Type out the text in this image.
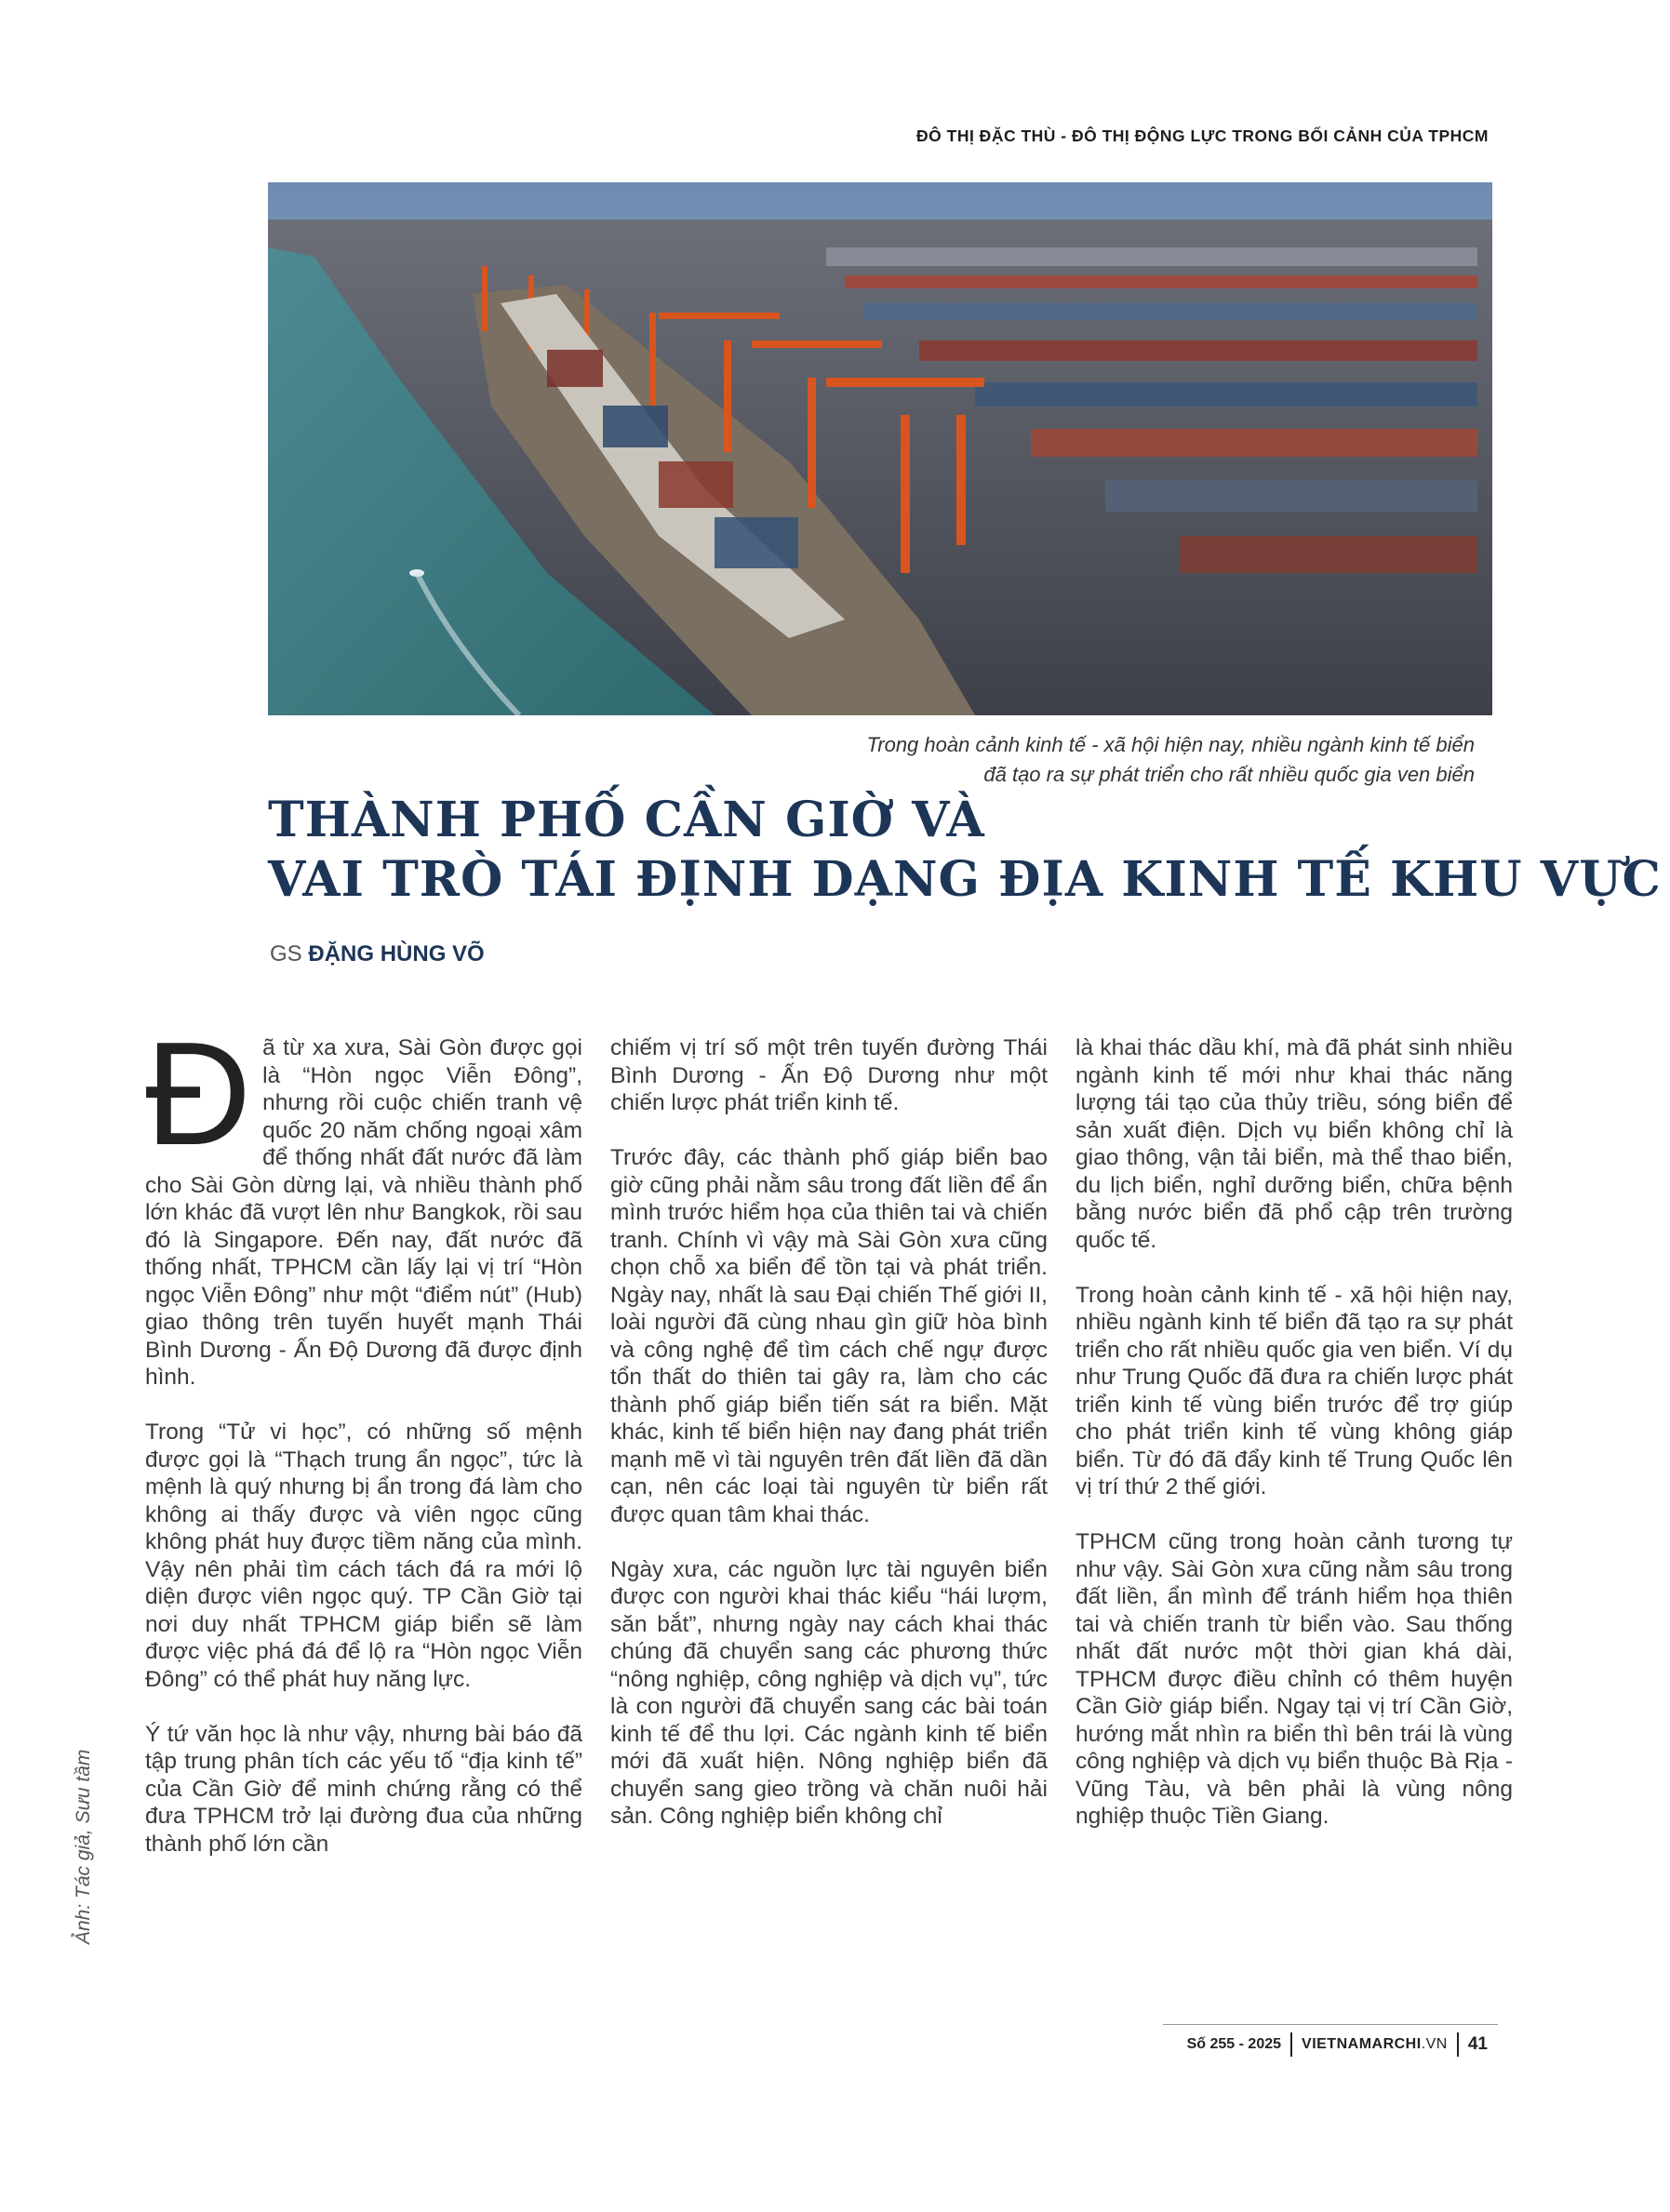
ĐÔ THỊ ĐẶC THÙ - ĐÔ THỊ ĐỘNG LỰC TRONG BỐI CẢNH CỦA TPHCM
Trong hoàn cảnh kinh tế - xã hội hiện nay, nhiều ngành kinh tế biển
đã tạo ra sự phát triển cho rất nhiều quốc gia ven biển
THÀNH PHỐ CẦN GIỜ VÀ
VAI TRÒ TÁI ĐỊNH DẠNG ĐỊA KINH TẾ KHU VỰC
GS ĐẶNG HÙNG VÕ

Đã từ xa xưa, Sài Gòn được gọi là “Hòn ngọc Viễn Đông”, nhưng rồi cuộc chiến tranh vệ quốc 20 năm chống ngoại xâm để thống nhất đất nước đã làm cho Sài Gòn dừng lại, và nhiều thành phố lớn khác đã vượt lên như Bangkok, rồi sau đó là Singapore. Đến nay, đất nước đã thống nhất, TPHCM cần lấy lại vị trí “Hòn ngọc Viễn Đông” như một “điểm nút” (Hub) giao thông trên tuyến huyết mạnh Thái Bình Dương - Ấn Độ Dương đã được định hình.

Trong “Tử vi học”, có những số mệnh được gọi là “Thạch trung ẩn ngọc”, tức là mệnh là quý nhưng bị ẩn trong đá làm cho không ai thấy được và viên ngọc cũng không phát huy được tiềm năng của mình. Vậy nên phải tìm cách tách đá ra mới lộ diện được viên ngọc quý. TP Cần Giờ tại nơi duy nhất TPHCM giáp biển sẽ làm được việc phá đá để lộ ra “Hòn ngọc Viễn Đông” có thể phát huy năng lực.

Ý tứ văn học là như vậy, nhưng bài báo đã tập trung phân tích các yếu tố “địa kinh tế” của Cần Giờ để minh chứng rằng có thể đưa TPHCM trở lại đường đua của những thành phố lớn cần

chiếm vị trí số một trên tuyến đường Thái Bình Dương - Ấn Độ Dương như một chiến lược phát triển kinh tế.

Trước đây, các thành phố giáp biển bao giờ cũng phải nằm sâu trong đất liền để ẩn mình trước hiểm họa của thiên tai và chiến tranh. Chính vì vậy mà Sài Gòn xưa cũng chọn chỗ xa biển để tồn tại và phát triển. Ngày nay, nhất là sau Đại chiến Thế giới II, loài người đã cùng nhau gìn giữ hòa bình và công nghệ để tìm cách chế ngự được tổn thất do thiên tai gây ra, làm cho các thành phố giáp biển tiến sát ra biển. Mặt khác, kinh tế biển hiện nay đang phát triển mạnh mẽ vì tài nguyên trên đất liền đã dần cạn, nên các loại tài nguyên từ biển rất được quan tâm khai thác.

Ngày xưa, các nguồn lực tài nguyên biển được con người khai thác kiểu “hái lượm, săn bắt”, nhưng ngày nay cách khai thác chúng đã chuyển sang các phương thức “nông nghiệp, công nghiệp và dịch vụ”, tức là con người đã chuyển sang các bài toán kinh tế để thu lợi. Các ngành kinh tế biển mới đã xuất hiện. Nông nghiệp biển đã chuyển sang gieo trồng và chăn nuôi hải sản. Công nghiệp biển không chỉ

là khai thác dầu khí, mà đã phát sinh nhiều ngành kinh tế mới như khai thác năng lượng tái tạo của thủy triều, sóng biển để sản xuất điện. Dịch vụ biển không chỉ là giao thông, vận tải biển, mà thể thao biển, du lịch biển, nghỉ dưỡng biển, chữa bệnh bằng nước biển đã phổ cập trên trường quốc tế.

Trong hoàn cảnh kinh tế - xã hội hiện nay, nhiều ngành kinh tế biển đã tạo ra sự phát triển cho rất nhiều quốc gia ven biển. Ví dụ như Trung Quốc đã đưa ra chiến lược phát triển kinh tế vùng biển trước để trợ giúp cho phát triển kinh tế vùng không giáp biển. Từ đó đã đẩy kinh tế Trung Quốc lên vị trí thứ 2 thế giới.

TPHCM cũng trong hoàn cảnh tương tự như vậy. Sài Gòn xưa cũng nằm sâu trong đất liền, ẩn mình để tránh hiểm họa thiên tai và chiến tranh từ biển vào. Sau thống nhất đất nước một thời gian khá dài, TPHCM được điều chỉnh có thêm huyện Cần Giờ giáp biển. Ngay tại vị trí Cần Giờ, hướng mắt nhìn ra biển thì bên trái là vùng công nghiệp và dịch vụ biển thuộc Bà Rịa - Vũng Tàu, và bên phải là vùng nông nghiệp thuộc Tiền Giang.

Ảnh: Tác giả, Sưu tầm
Số 255 - 2025 VIETNAMARCHI.VN 41
